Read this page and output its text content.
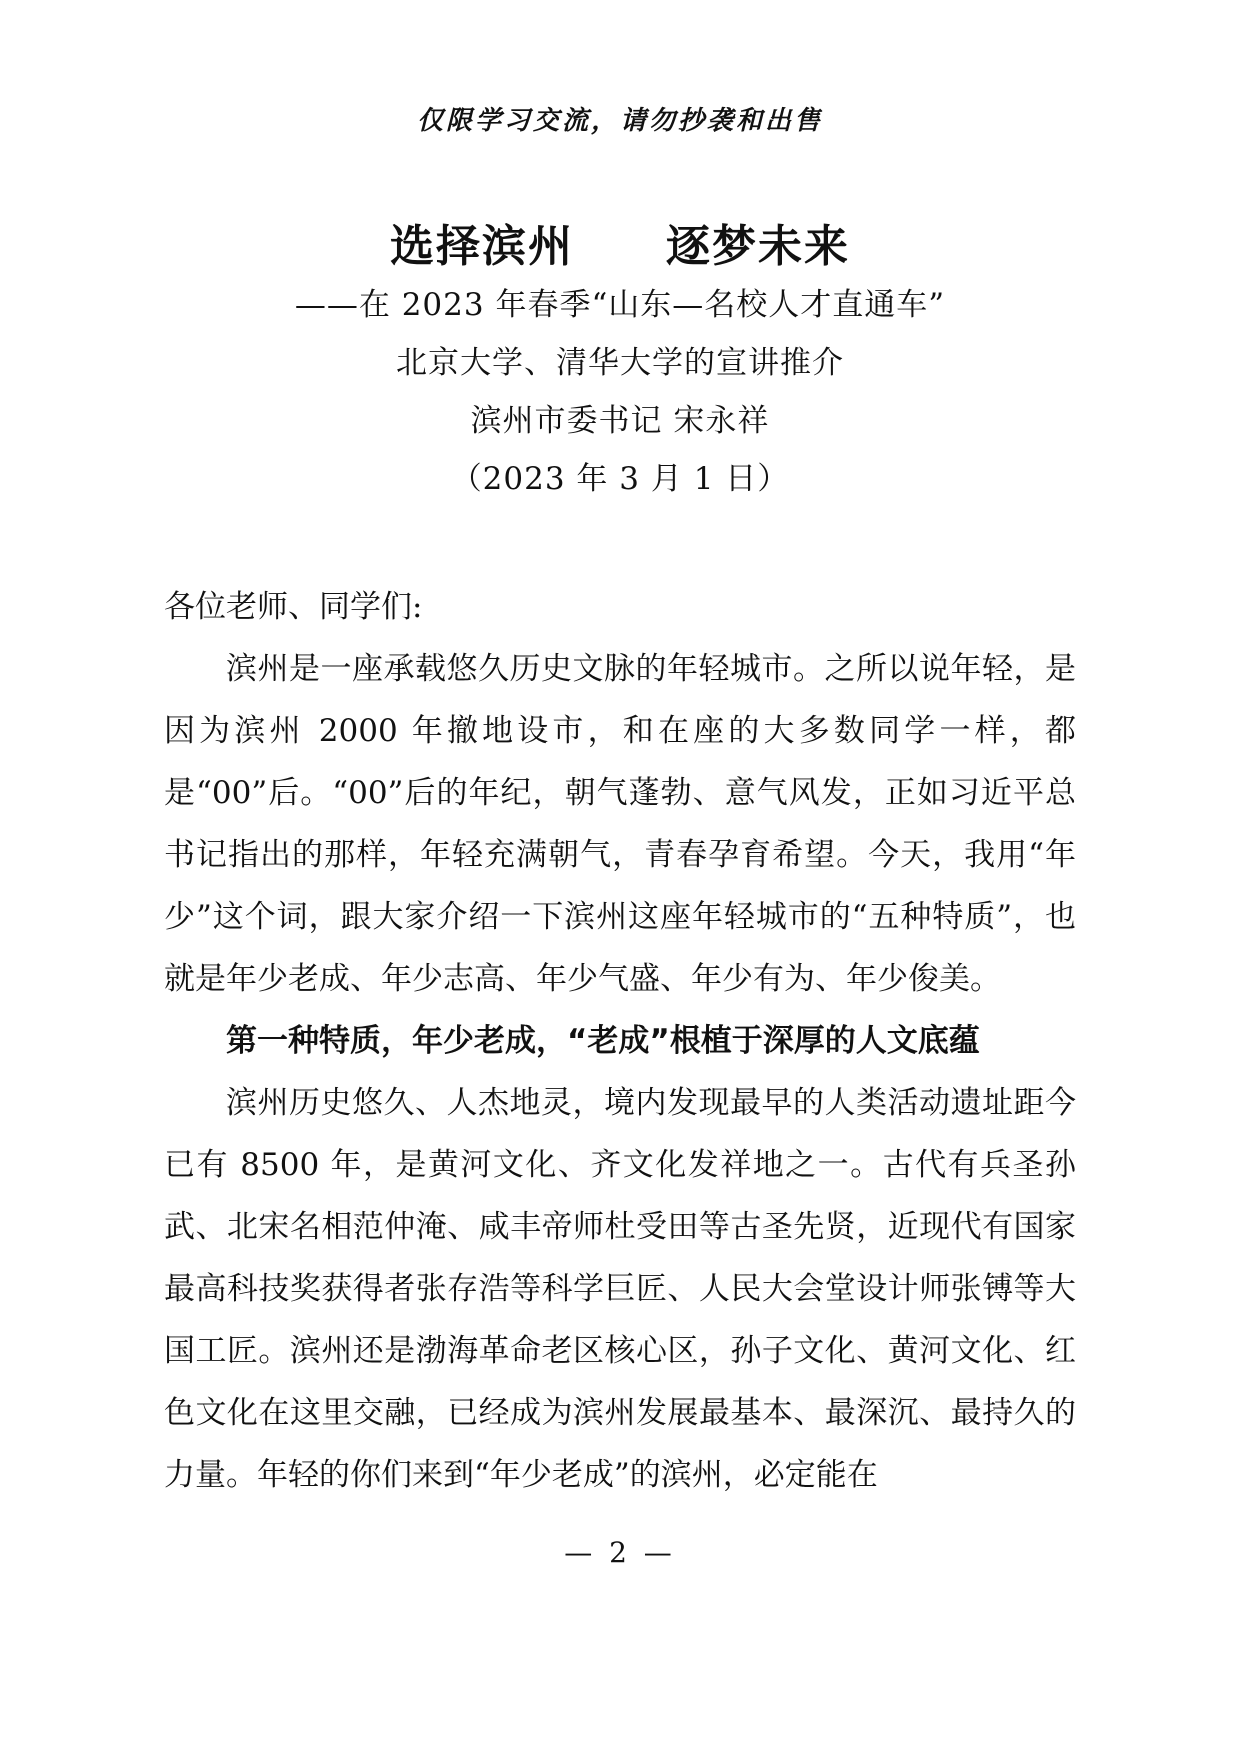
仅限学习交流，请勿抄袭和出售
选择滨州　　逐梦未来
——在 2023 年春季“山东—名校人才直通车”
北京大学、清华大学的宣讲推介
滨州市委书记 宋永祥
（2023 年 3 月 1 日）
各位老师、同学们:

滨州是一座承载悠久历史文脉的年轻城市。之所以说年轻，是因为滨州 2000 年撤地设市，和在座的大多数同学一样，都是“00”后。“00”后的年纪，朝气蓬勃、意气风发，正如习近平总书记指出的那样，年轻充满朝气，青春孕育希望。今天，我用“年少”这个词，跟大家介绍一下滨州这座年轻城市的“五种特质”，也就是年少老成、年少志高、年少气盛、年少有为、年少俊美。

第一种特质，年少老成，“老成”根植于深厚的人文底蕴

滨州历史悠久、人杰地灵，境内发现最早的人类活动遗址距今已有 8500 年，是黄河文化、齐文化发祥地之一。古代有兵圣孙武、北宋名相范仲淹、咸丰帝师杜受田等古圣先贤，近现代有国家最高科技奖获得者张存浩等科学巨匠、人民大会堂设计师张镈等大国工匠。滨州还是渤海革命老区核心区，孙子文化、黄河文化、红色文化在这里交融，已经成为滨州发展最基本、最深沉、最持久的力量。年轻的你们来到“年少老成”的滨州，必定能在

— 2 —
